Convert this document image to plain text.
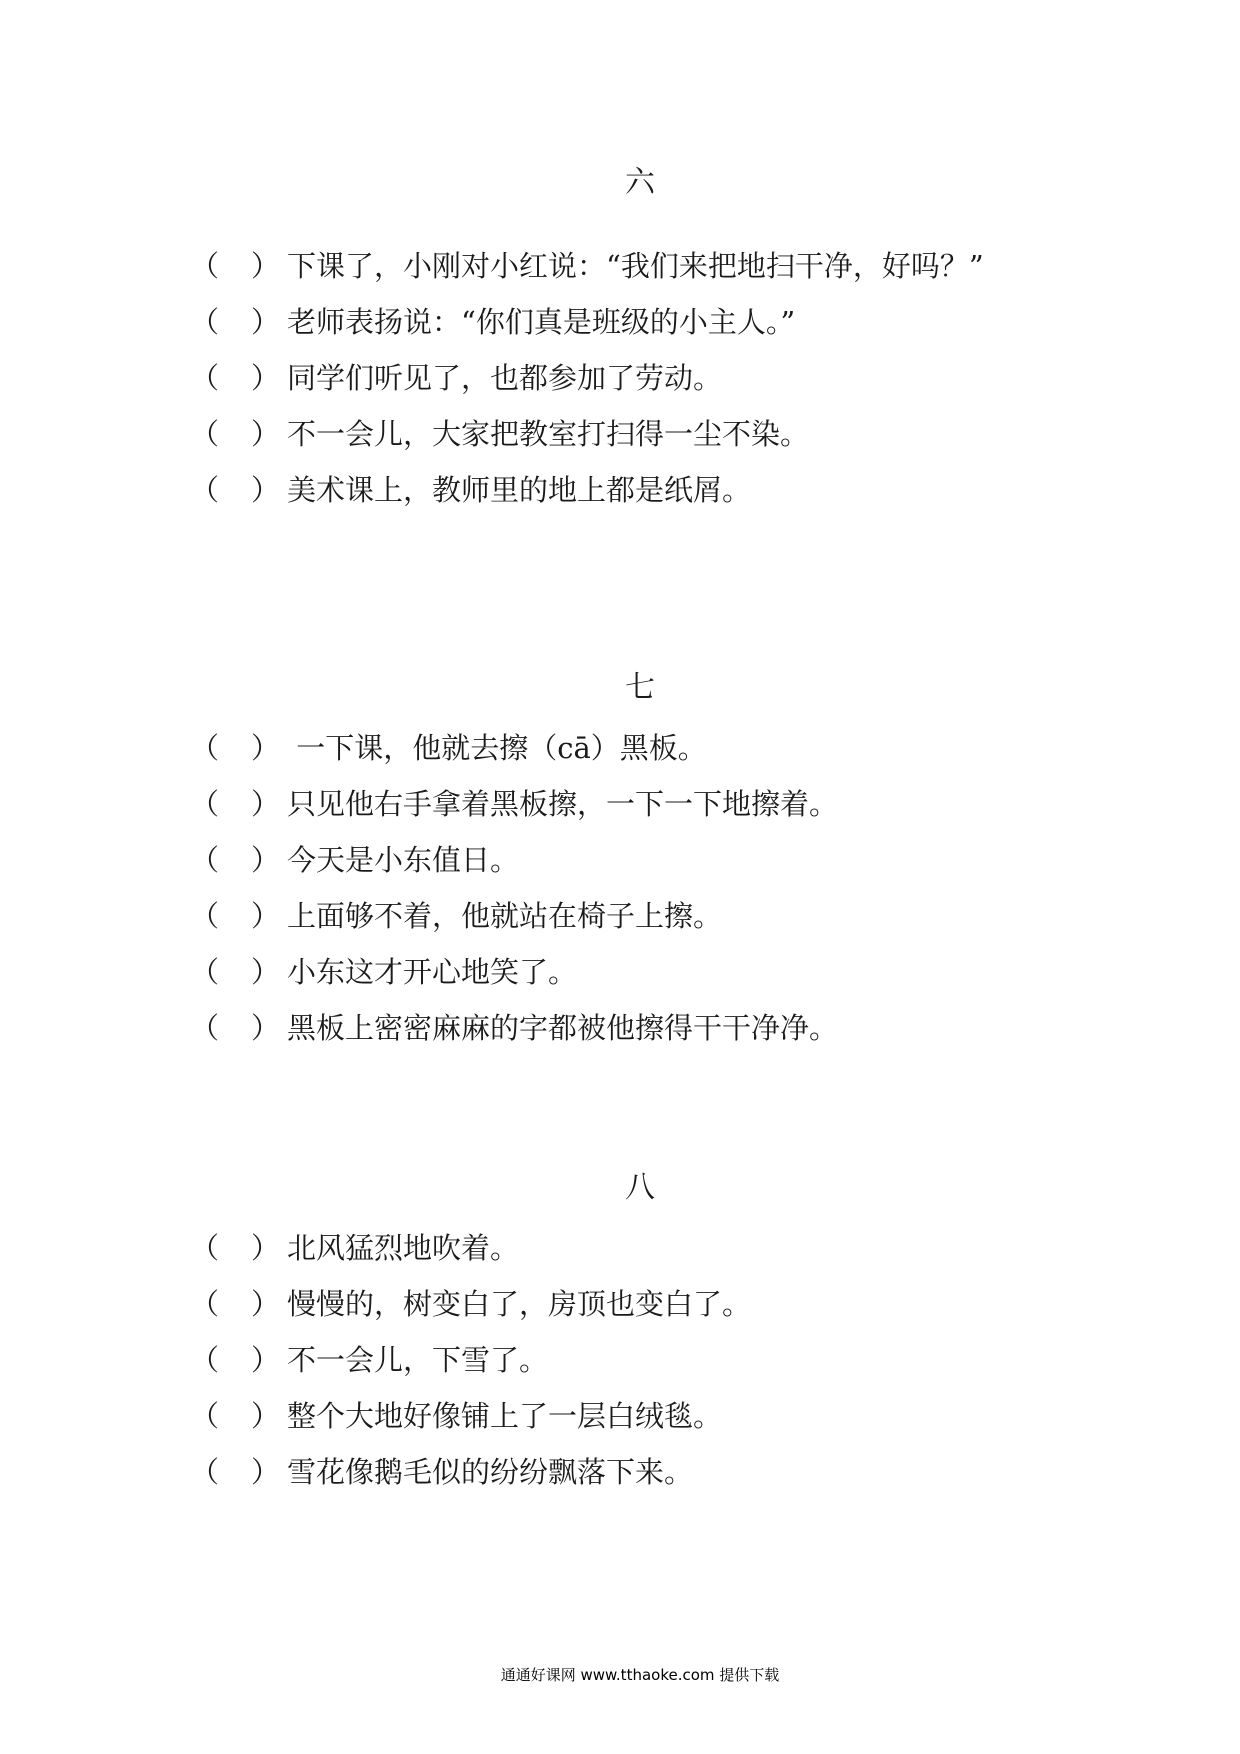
六
（ ） 下课了，小刚对小红说：“我们来把地扫干净，好吗？”
（ ） 老师表扬说：“你们真是班级的小主人。”
（ ） 同学们听见了，也都参加了劳动。
（ ） 不一会儿，大家把教室打扫得一尘不染。
（ ） 美术课上，教师里的地上都是纸屑。
七
（ ） 一下课，他就去擦（cā）黑板。
（ ） 只见他右手拿着黑板擦，一下一下地擦着。
（ ） 今天是小东值日。
（ ） 上面够不着，他就站在椅子上擦。
（ ） 小东这才开心地笑了。
（ ） 黑板上密密麻麻的字都被他擦得干干净净。
八
（ ） 北风猛烈地吹着。
（ ） 慢慢的，树变白了，房顶也变白了。
（ ） 不一会儿，下雪了。
（ ） 整个大地好像铺上了一层白绒毯。
（ ） 雪花像鹅毛似的纷纷飘落下来。
通通好课网 www.tthaoke.com 提供下载
